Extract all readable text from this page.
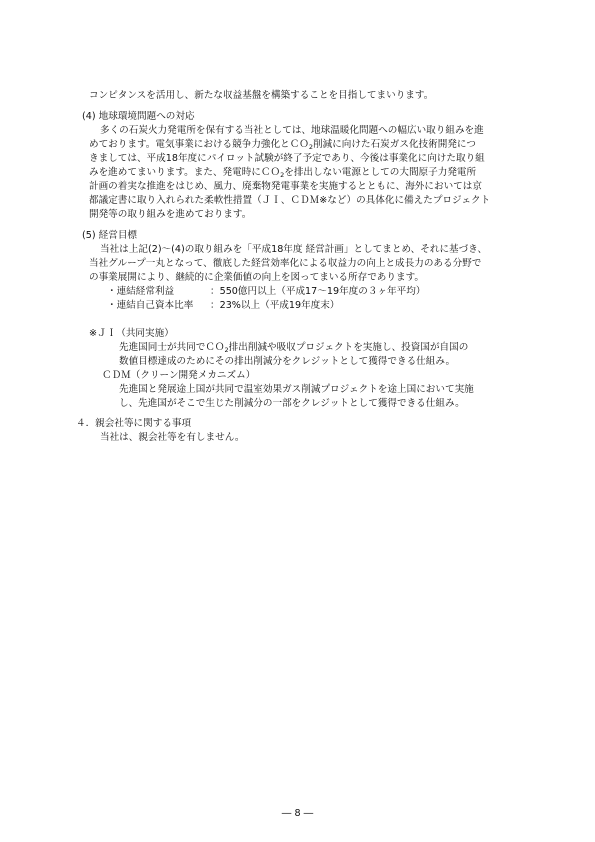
コンピタンスを活用し、新たな収益基盤を構築することを目指してまいります。
(4) 地球環境問題への対応
多くの石炭火力発電所を保有する当社としては、地球温暖化問題への幅広い取り組みを進
めております。電気事業における競争力強化とＣＯ$_2$削減に向けた石炭ガス化技術開発につ
きましては、平成18年度にパイロット試験が終了予定であり、今後は事業化に向けた取り組
みを進めてまいります。また、発電時にＣＯ$_2$を排出しない電源としての大間原子力発電所
計画の着実な推進をはじめ、風力、廃棄物発電事業を実施するとともに、海外においては京
都議定書に取り入れられた柔軟性措置（ＪＩ、ＣＤＭ※など）の具体化に備えたプロジェクト
開発等の取り組みを進めております。
(5) 経営目標
当社は上記(2)～(4)の取り組みを「平成18年度 経営計画」としてまとめ、それに基づき、
当社グループ一丸となって、徹底した経営効率化による収益力の向上と成長力のある分野で
の事業展開により、継続的に企業価値の向上を図ってまいる所存であります。
・連結経常利益	：550億円以上（平成17～19年度の３ヶ年平均）
・連結自己資本比率 ：23%以上（平成19年度末）
※ＪＩ（共同実施）
先進国同士が共同でＣＯ$_2$排出削減や吸収プロジェクトを実施し、投資国が自国の
数値目標達成のためにその排出削減分をクレジットとして獲得できる仕組み。
ＣＤＭ（クリーン開発メカニズム）
先進国と発展途上国が共同で温室効果ガス削減プロジェクトを途上国において実施
し、先進国がそこで生じた削減分の一部をクレジットとして獲得できる仕組み。
４．親会社等に関する事項
当社は、親会社等を有しません。
― 8 ―
